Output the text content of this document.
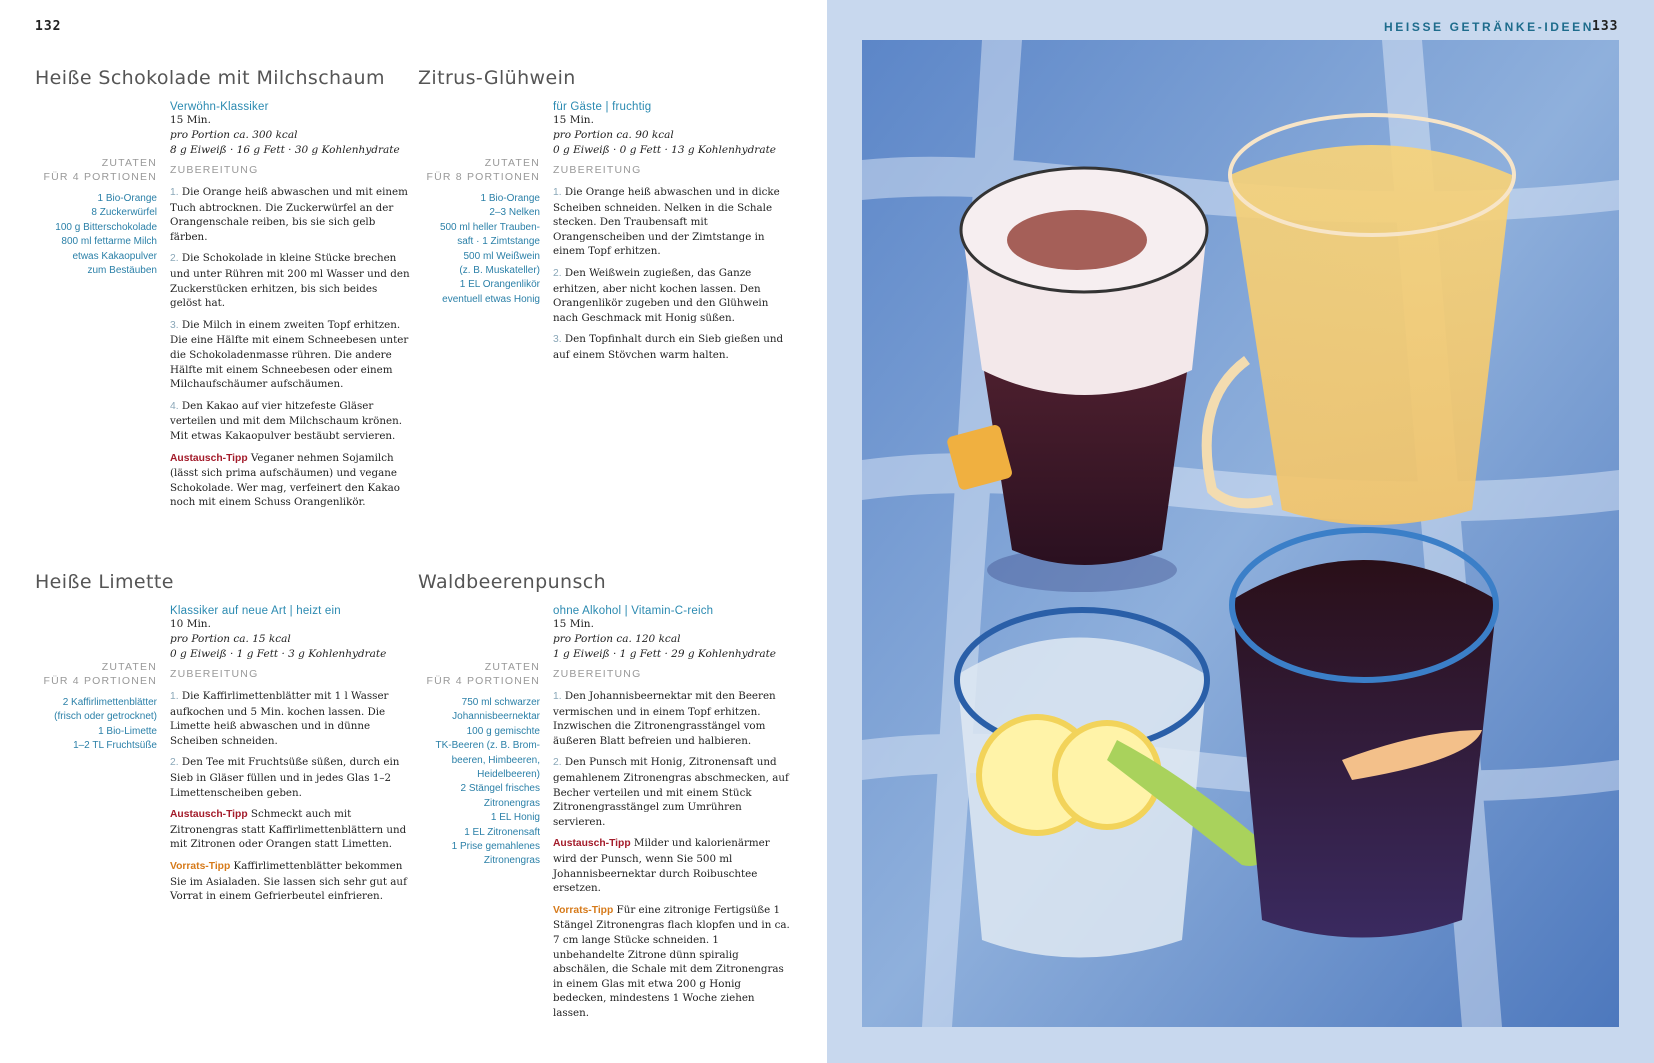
132
Heiße Schokolade mit Milchschaum
ZUTATEN
FÜR 4 PORTIONEN
1 Bio-Orange
8 Zuckerwürfel
100 g Bitterschokolade
800 ml fettarme Milch
etwas Kakaopulver
zum Bestäuben
Verwöhn-Klassiker
15 Min.
pro Portion ca. 300 kcal
8 g Eiweiß · 16 g Fett · 30 g Kohlenhydrate
ZUBEREITUNG
1. Die Orange heiß abwaschen und mit einem Tuch abtrocknen. Die Zuckerwürfel an der Orangenschale reiben, bis sie sich gelb färben.
2. Die Schokolade in kleine Stücke brechen und unter Rühren mit 200 ml Wasser und den Zuckerstücken erhitzen, bis sich beides gelöst hat.
3. Die Milch in einem zweiten Topf erhitzen. Die eine Hälfte mit einem Schneebesen unter die Schokoladenmasse rühren. Die andere Hälfte mit einem Schneebesen oder einem Milchaufschäumer aufschäumen.
4. Den Kakao auf vier hitzefeste Gläser verteilen und mit dem Milchschaum krönen. Mit etwas Kakaopulver bestäubt servieren.
Austausch-Tipp Veganer nehmen Sojamilch (lässt sich prima aufschäumen) und vegane Schokolade. Wer mag, verfeinert den Kakao noch mit einem Schuss Orangenlikör.
Zitrus-Glühwein
ZUTATEN
FÜR 8 PORTIONEN
1 Bio-Orange
2–3 Nelken
500 ml heller Trauben-
saft · 1 Zimtstange
500 ml Weißwein
(z. B. Muskateller)
1 EL Orangenlikör
eventuell etwas Honig
für Gäste | fruchtig
15 Min.
pro Portion ca. 90 kcal
0 g Eiweiß · 0 g Fett · 13 g Kohlenhydrate
ZUBEREITUNG
1. Die Orange heiß abwaschen und in dicke Scheiben schneiden. Nelken in die Schale stecken. Den Traubensaft mit Orangenscheiben und der Zimtstange in einem Topf erhitzen.
2. Den Weißwein zugießen, das Ganze erhitzen, aber nicht kochen lassen. Den Orangenlikör zugeben und den Glühwein nach Geschmack mit Honig süßen.
3. Den Topfinhalt durch ein Sieb gießen und auf einem Stövchen warm halten.
Heiße Limette
ZUTATEN
FÜR 4 PORTIONEN
2 Kaffirlimettenblätter
(frisch oder getrocknet)
1 Bio-Limette
1–2 TL Fruchtsüße
Klassiker auf neue Art | heizt ein
10 Min.
pro Portion ca. 15 kcal
0 g Eiweiß · 1 g Fett · 3 g Kohlenhydrate
ZUBEREITUNG
1. Die Kaffirlimettenblätter mit 1 l Wasser aufkochen und 5 Min. kochen lassen. Die Limette heiß abwaschen und in dünne Scheiben schneiden.
2. Den Tee mit Fruchtsüße süßen, durch ein Sieb in Gläser füllen und in jedes Glas 1–2 Limettenscheiben geben.
Austausch-Tipp Schmeckt auch mit Zitronengras statt Kaffirlimettenblättern und mit Zitronen oder Orangen statt Limetten.
Vorrats-Tipp Kaffirlimettenblätter bekommen Sie im Asialaden. Sie lassen sich sehr gut auf Vorrat in einem Gefrierbeutel einfrieren.
Waldbeerenpunsch
ZUTATEN
FÜR 4 PORTIONEN
750 ml schwarzer
Johannisbeernektar
100 g gemischte
TK-Beeren (z. B. Brom-
beeren, Himbeeren,
Heidelbeeren)
2 Stängel frisches
Zitronengras
1 EL Honig
1 EL Zitronensaft
1 Prise gemahlenes
Zitronengras
ohne Alkohol | Vitamin-C-reich
15 Min.
pro Portion ca. 120 kcal
1 g Eiweiß · 1 g Fett · 29 g Kohlenhydrate
ZUBEREITUNG
1. Den Johannisbeernektar mit den Beeren vermischen und in einem Topf erhitzen. Inzwischen die Zitronengrasstängel vom äußeren Blatt befreien und halbieren.
2. Den Punsch mit Honig, Zitronensaft und gemahlenem Zitronengras abschmecken, auf Becher verteilen und mit einem Stück Zitronengrasstängel zum Umrühren servieren.
Austausch-Tipp Milder und kalorienärmer wird der Punsch, wenn Sie 500 ml Johannisbeernektar durch Roibuschtee ersetzen.
Vorrats-Tipp Für eine zitronige Fertigsüße 1 Stängel Zitronengras flach klopfen und in ca. 7 cm lange Stücke schneiden. 1 unbehandelte Zitrone dünn spiralig abschälen, die Schale mit dem Zitronengras in einem Glas mit etwa 200 g Honig bedecken, mindestens 1 Woche ziehen lassen.
HEISSE GETRÄNKE-IDEEN
133
